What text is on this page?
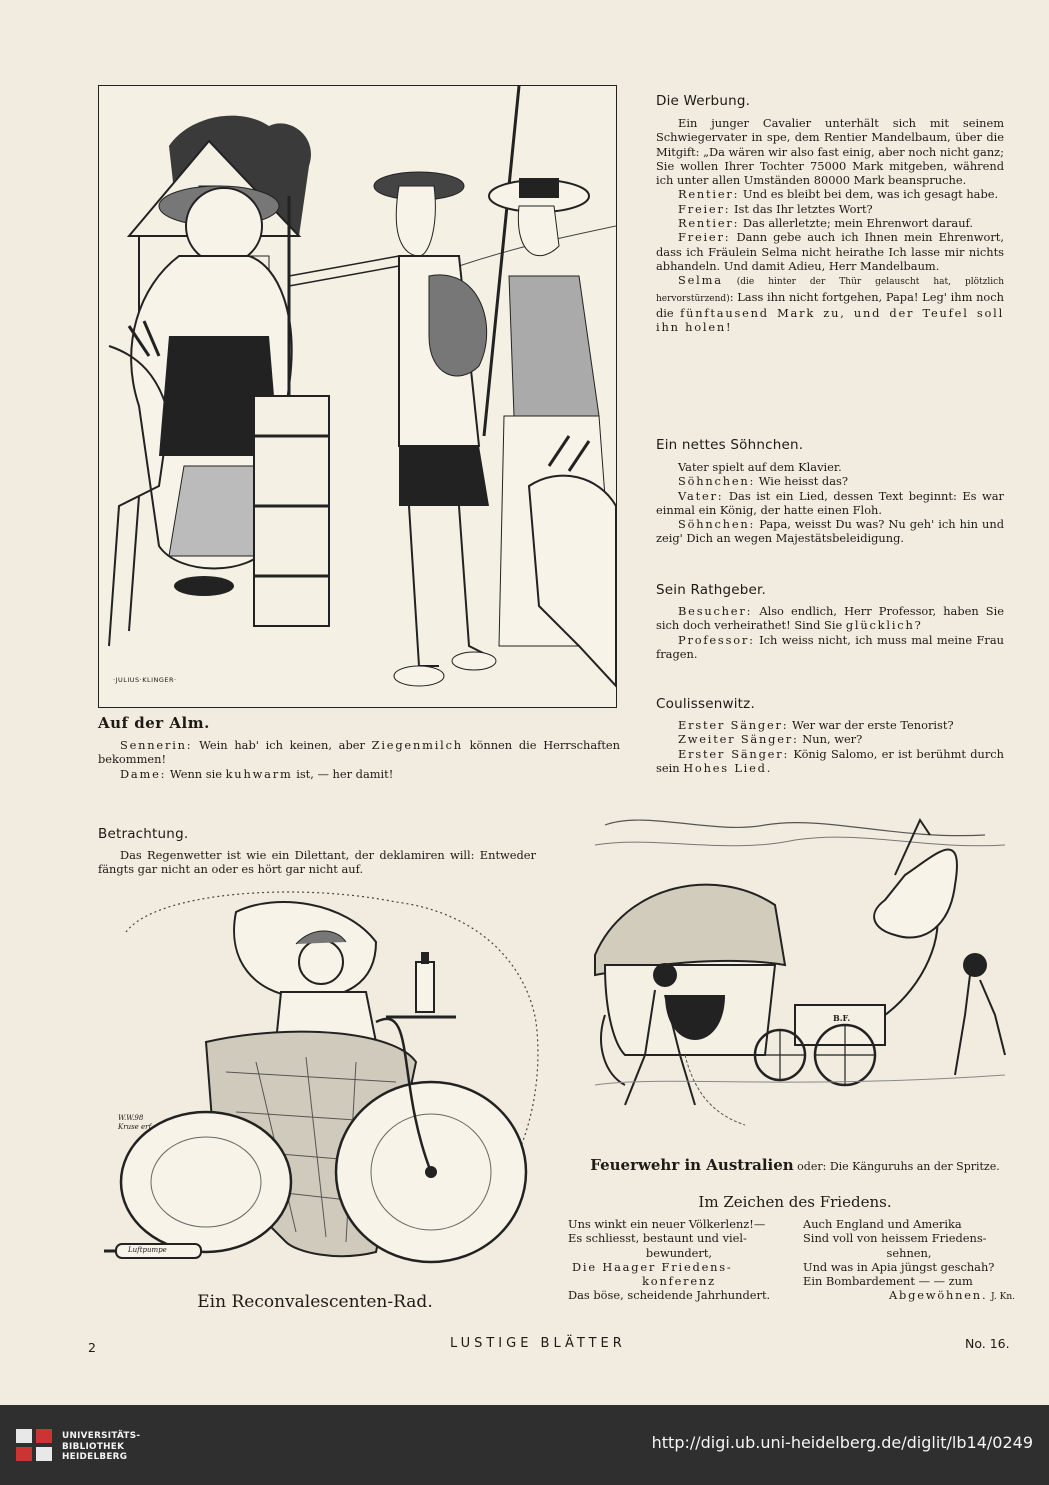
·JULIUS·KLINGER·
Auf der Alm.

Sennerin: Wein hab' ich keinen, aber Ziegenmilch können die Herrschaften bekommen!

Dame: Wenn sie kuhwarm ist, — her damit!

Die Werbung.

Ein junger Cavalier unterhält sich mit seinem Schwiegervater in spe, dem Rentier Mandelbaum, über die Mitgift: „Da wären wir also fast einig, aber noch nicht ganz; Sie wollen Ihrer Tochter 75000 Mark mitgeben, während ich unter allen Umständen 80000 Mark beanspruche.

Rentier: Und es bleibt bei dem, was ich gesagt habe.

Freier: Ist das Ihr letztes Wort?

Rentier: Das allerletzte; mein Ehrenwort darauf.

Freier: Dann gebe auch ich Ihnen mein Ehrenwort, dass ich Fräulein Selma nicht heirathe Ich lasse mir nichts abhandeln. Und damit Adieu, Herr Mandelbaum.

Selma (die hinter der Thür gelauscht hat, plötzlich hervorstürzend): Lass ihn nicht fortgehen, Papa! Leg' ihm noch die fünftausend Mark zu, und der Teufel soll ihn holen!

Ein nettes Söhnchen.

Vater spielt auf dem Klavier.

Söhnchen: Wie heisst das?

Vater: Das ist ein Lied, dessen Text beginnt: Es war einmal ein König, der hatte einen Floh.

Söhnchen: Papa, weisst Du was? Nu geh' ich hin und zeig' Dich an wegen Majestätsbeleidigung.

Sein Rathgeber.

Besucher: Also endlich, Herr Professor, haben Sie sich doch verheirathet! Sind Sie glücklich?

Professor: Ich weiss nicht, ich muss mal meine Frau fragen.

Coulissenwitz.

Erster Sänger: Wer war der erste Tenorist?

Zweiter Sänger: Nun, wer?

Erster Sänger: König Salomo, er ist berühmt durch sein Hohes Lied.

Betrachtung.

Das Regenwetter ist wie ein Dilettant, der deklamiren will: Entweder fängts gar nicht an oder es hört gar nicht auf.

W.W.98
Kruse erf.
Luftpumpe
Ein Reconvalescenten-Rad.
B.F.
Feuerwehr in Australien oder: Die Känguruhs an der Spritze.
Im Zeichen des Friedens.
Uns winkt ein neuer Völkerlenz!—
Es schliesst, bestaunt und viel-
bewundert,
Die Haager Friedens-
konferenz
Das böse, scheidende Jahrhundert.
Auch England und Amerika
Sind voll von heissem Friedens-
sehnen,
Und was in Apia jüngst geschah?
Ein Bombardement — — zum
Abgewöhnen. J. Kn.
2	LUSTIGE BLÄTTER	No. 16.
UNIVERSITÄTS-
BIBLIOTHEK
HEIDELBERG
http://digi.ub.uni-heidelberg.de/diglit/lb14/0249
